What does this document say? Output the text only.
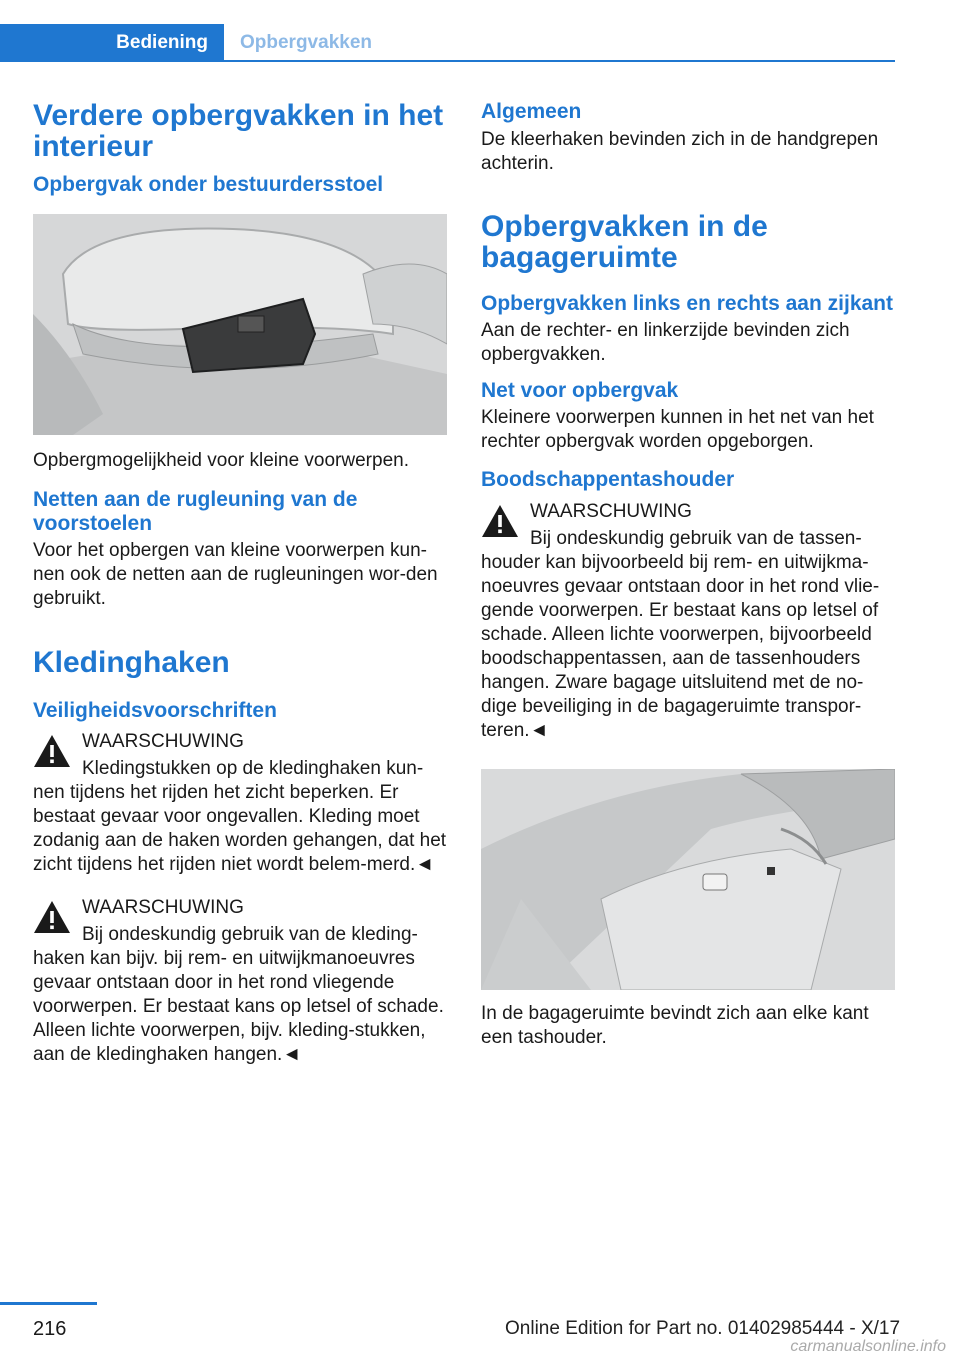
Bediening	Opbergvakken
Verdere opbergvakken in het interieur
Opbergvak onder bestuurdersstoel

Opbergmogelijkheid voor kleine voorwerpen.

Netten aan de rugleuning van de voorstoelen

Voor het opbergen van kleine voorwerpen kun-nen ook de netten aan de rugleuningen wor-den gebruikt.

Kledinghaken
Veiligheidsvoorschriften
WAARSCHUWING
Kledingstukken op de kledinghaken kun-

nen tijdens het rijden het zicht beperken. Er bestaat gevaar voor ongevallen. Kleding moet zodanig aan de haken worden gehangen, dat het zicht tijdens het rijden niet wordt belem-merd.◄

WAARSCHUWING
Bij ondeskundig gebruik van de kleding-

haken kan bijv. bij rem- en uitwijkmanoeuvres gevaar ontstaan door in het rond vliegende voorwerpen. Er bestaat kans op letsel of schade. Alleen lichte voorwerpen, bijv. kleding-stukken, aan de kledinghaken hangen.◄

Algemeen

De kleerhaken bevinden zich in de handgrepen achterin.

Opbergvakken in de bagageruimte
Opbergvakken links en rechts aan zijkant

Aan de rechter- en linkerzijde bevinden zich opbergvakken.

Net voor opbergvak

Kleinere voorwerpen kunnen in het net van het rechter opbergvak worden opgeborgen.

Boodschappentashouder
WAARSCHUWING
Bij ondeskundig gebruik van de tassen-

houder kan bijvoorbeeld bij rem- en uitwijkma-noeuvres gevaar ontstaan door in het rond vlie-gende voorwerpen. Er bestaat kans op letsel of schade. Alleen lichte voorwerpen, bijvoorbeeld boodschappentassen, aan de tassenhouders hangen. Zware bagage uitsluitend met de no-dige beveiliging in de bagageruimte transpor-teren.◄

In de bagageruimte bevindt zich aan elke kant een tashouder.

216	Online Edition for Part no. 01402985444 - X/17
carmanualsonline.info
